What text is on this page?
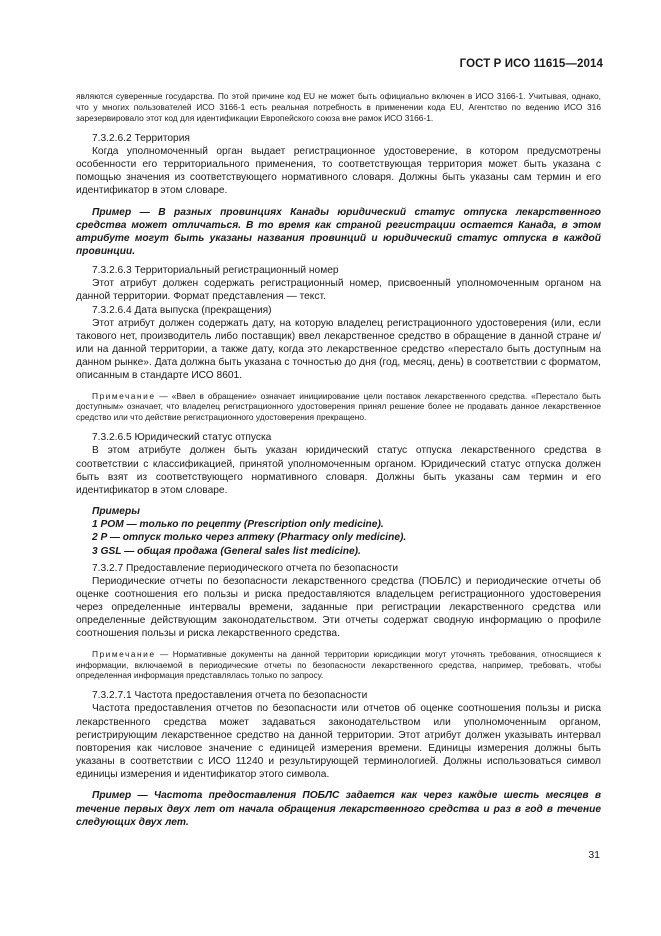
ГОСТ Р ИСО 11615—2014

являются суверенные государства. По этой причине код EU не может быть официально включен в ИСО 3166-1. Учитывая, однако, что у многих пользователей ИСО 3166-1 есть реальная потребность в применении кода EU, Агентство по ведению ИСО 316 зарезервировало этот код для идентификации Европейского союза вне рамок ИСО 3166-1.

7.3.2.6.2 Территория

Когда уполномоченный орган выдает регистрационное удостоверение, в котором предусмотрены особенности его территориального применения, то соответствующая территория может быть указана с помощью значения из соответствующего нормативного словаря. Должны быть указаны сам термин и его идентификатор в этом словаре.

Пример — В разных провинциях Канады юридический статус отпуска лекарственного средства может отличаться. В то время как страной регистрации остается Канада, в этом атрибуте могут быть указаны названия провинций и юридический статус отпуска в каждой провинции.

7.3.2.6.3 Территориальный регистрационный номер

Этот атрибут должен содержать регистрационный номер, присвоенный уполномоченным органом на данной территории. Формат представления — текст.

7.3.2.6.4 Дата выпуска (прекращения)

Этот атрибут должен содержать дату, на которую владелец регистрационного удостоверения (или, если такового нет, производитель либо поставщик) ввел лекарственное средство в обращение в данной стране и/или на данной территории, а также дату, когда это лекарственное средство «перестало быть доступным на данном рынке». Дата должна быть указана с точностью до дня (год, месяц, день) в соответствии с форматом, описанным в стандарте ИСО 8601.

Примечание — «Ввел в обращение» означает инициирование цели поставок лекарственного средства. «Перестало быть доступным» означает, что владелец регистрационного удостоверения принял решение более не продавать данное лекарственное средство или что действие регистрационного удостоверения прекращено.

7.3.2.6.5 Юридический статус отпуска

В этом атрибуте должен быть указан юридический статус отпуска лекарственного средства в соответствии с классификацией, принятой уполномоченным органом. Юридический статус отпуска должен быть взят из соответствующего нормативного словаря. Должны быть указаны сам термин и его идентификатор в этом словаре.

Примеры

1 POM — только по рецепту (Prescription only medicine).

2 P — отпуск только через аптеку (Pharmacy only medicine).

3 GSL — общая продажа (General sales list medicine).

7.3.2.7 Предоставление периодического отчета по безопасности

Периодические отчеты по безопасности лекарственного средства (ПОБЛС) и периодические отчеты об оценке соотношения его пользы и риска предоставляются владельцем регистрационного удостоверения через определенные интервалы времени, заданные при регистрации лекарственного средства или определенные действующим законодательством. Эти отчеты содержат сводную информацию о профиле соотношения пользы и риска лекарственного средства.

Примечание — Нормативные документы на данной территории юрисдикции могут уточнять требования, относящиеся к информации, включаемой в периодические отчеты по безопасности лекарственного средства, например, требовать, чтобы определенная информация представлялась только по запросу.

7.3.2.7.1 Частота предоставления отчета по безопасности

Частота предоставления отчетов по безопасности или отчетов об оценке соотношения пользы и риска лекарственного средства может задаваться законодательством или уполномоченным органом, регистрирующим лекарственное средство на данной территории. Этот атрибут должен указывать интервал повторения как числовое значение с единицей измерения времени. Единицы измерения должны быть указаны в соответствии с ИСО 11240 и результирующей терминологией. Должны использоваться символ единицы измерения и идентификатор этого символа.

Пример — Частота предоставления ПОБЛС задается как через каждые шесть месяцев в течение первых двух лет от начала обращения лекарственного средства и раз в год в течение следующих двух лет.

31
